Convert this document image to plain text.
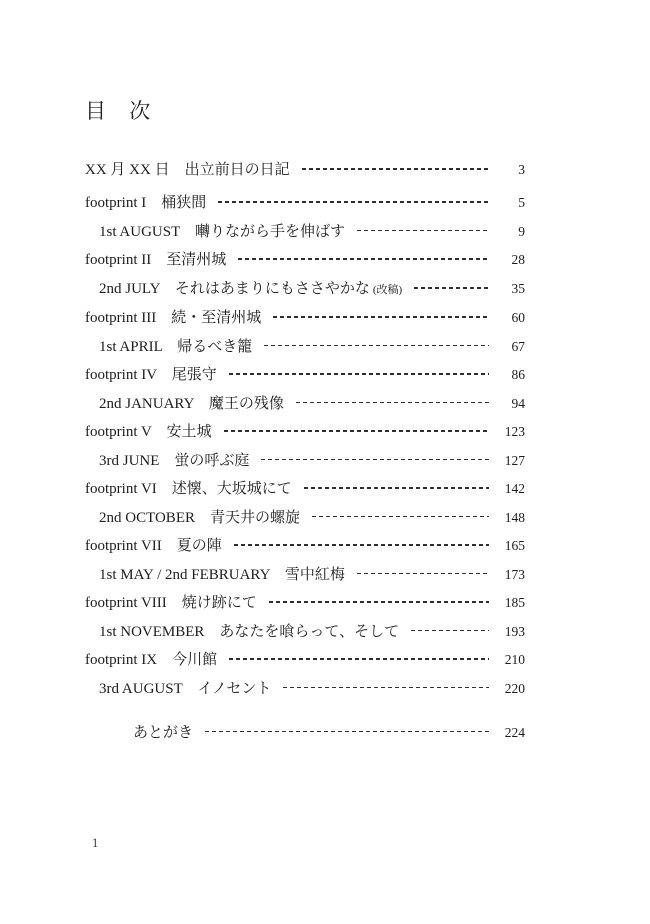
目 次
XX 月 XX 日　出立前日の日記	3
footprint I　桶狭間	5
1st AUGUST　囀りながら手を伸ばす	9
footprint II　至清州城	28
2nd JULY　それはあまりにもささやかな (改稿)	35
footprint III　続・至清州城	60
1st APRIL　帰るべき籠	67
footprint IV　尾張守	86
2nd JANUARY　魔王の残像	94
footprint V　安土城	123
3rd JUNE　蛍の呼ぶ庭	127
footprint VI　述懐、大坂城にて	142
2nd OCTOBER　青天井の螺旋	148
footprint VII　夏の陣	165
1st MAY / 2nd FEBRUARY　雪中紅梅	173
footprint VIII　焼け跡にて	185
1st NOVEMBER　あなたを喰らって、そして	193
footprint IX　今川館	210
3rd AUGUST　イノセント	220
あとがき	224
1
